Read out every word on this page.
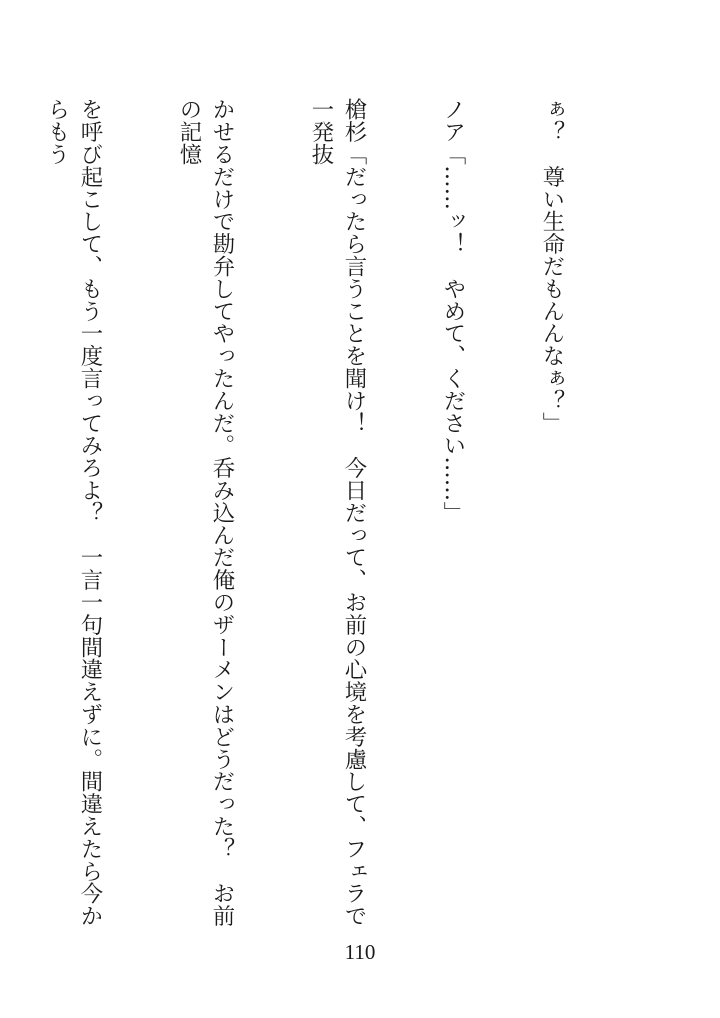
ぁ？　尊い生命だもんんなぁ？」

ノア「……ッ！　やめて、ください……」

槍杉「だったら言うことを聞け！　今日だって、お前の心境を考慮して、フェラで一発抜

かせるだけで勘弁してやったんだ。呑み込んだ俺のザーメンはどうだった？　お前の記憶

を呼び起こして、もう一度言ってみろよ？　一言一句間違えずに。間違えたら今からもう

110
